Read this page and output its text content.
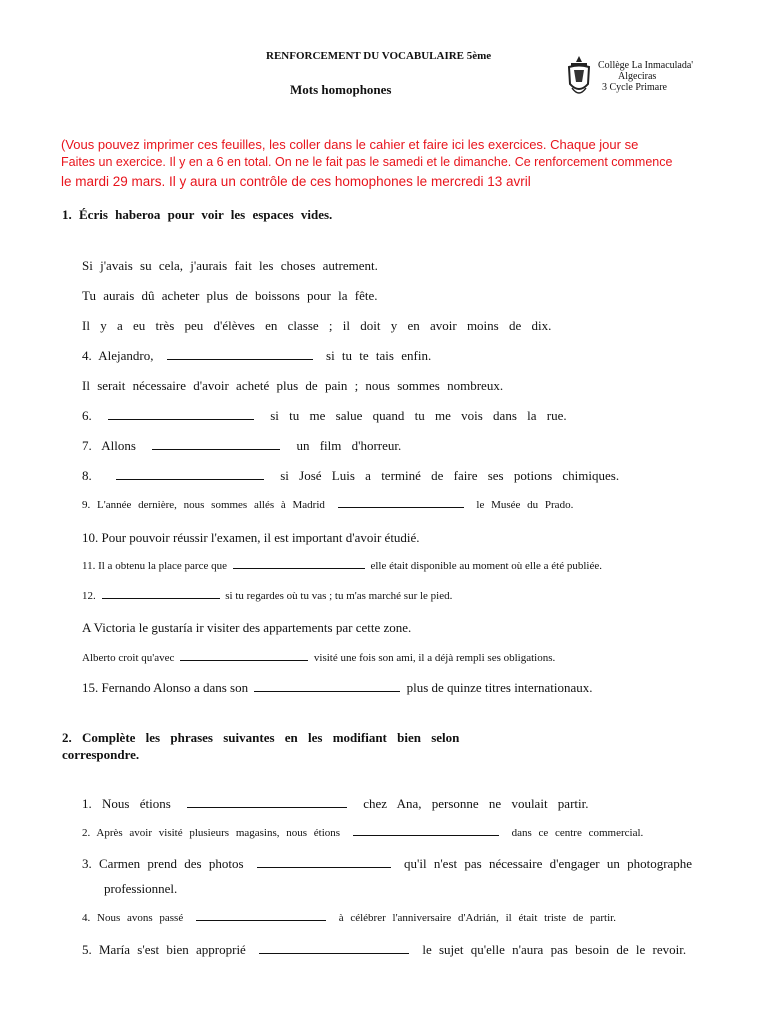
RENFORCEMENT DU VOCABULAIRE 5ème
Mots homophones
Collège La Inmaculada'
Algeciras
3 Cycle Primare
(Vous pouvez imprimer ces feuilles, les coller dans le cahier et faire ici les exercices. Chaque jour se
Faites un exercice. Il y en a 6 en total. On ne le fait pas le samedi et le dimanche. Ce renforcement commence
le mardi 29 mars. Il y aura un contrôle de ces homophones le mercredi 13 avril
1. Écris haberoa pour voir les espaces vides.
Si j'avais su cela, j'aurais fait les choses autrement.
Tu aurais dû acheter plus de boissons pour la fête.
Il y a eu très peu d'élèves en classe ; il doit y en avoir moins de dix.
4. Alejandro,	si tu te tais enfin.
Il serait nécessaire d'avoir acheté plus de pain ; nous sommes nombreux.
6.	si tu me salue quand tu me vois dans la rue.
7. Allons	un film d'horreur.
8.	si José Luis a terminé de faire ses potions chimiques.
9. L'année dernière, nous sommes allés à Madrid	le Musée du Prado.
10. Pour pouvoir réussir l'examen, il est important d'avoir étudié.
11. Il a obtenu la place parce que	elle était disponible au moment où elle a été publiée.
12.	si tu regardes où tu vas ; tu m'as marché sur le pied.
A Victoria le gustaría ir visiter des appartements par cette zone.
Alberto croit qu'avec	visité une fois son ami, il a déjà rempli ses obligations.
15. Fernando Alonso a dans son	plus de quinze titres internationaux.
2. Complète les phrases suivantes en les modifiant bien selon
correspondre.
1. Nous étions	chez Ana, personne ne voulait partir.
2. Après avoir visité plusieurs magasins, nous étions	dans ce centre commercial.
3. Carmen prend des photos	qu'il n'est pas nécessaire d'engager un photographe
professionnel.
4. Nous avons passé	à célébrer l'anniversaire d'Adrián, il était triste de partir.
5. María s'est bien approprié	le sujet qu'elle n'aura pas besoin de le revoir.
